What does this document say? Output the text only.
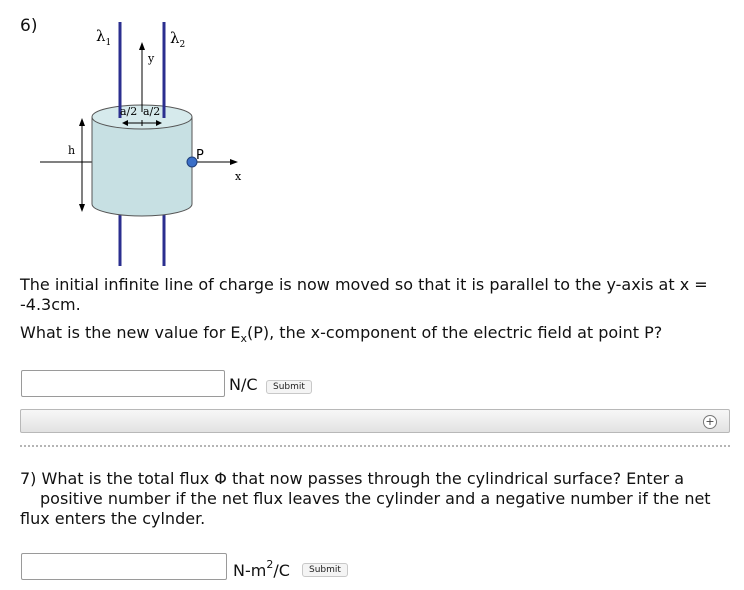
6)	$\lambda_1$	$\lambda_2$
y
h
a/2 a/2
P
x
The initial infinite line of charge is now moved so that it is parallel to the y-axis at x =
-4.3cm.
What is the new value for $E_x(P)$, the x-component of the electric field at point P?
N/C	Submit
+
7) What is the total flux Φ that now passes through the cylindrical surface? Enter a
positive number if the net flux leaves the cylinder and a negative number if the net
flux enters the cylnder.
$N-m^2/C$	Submit
